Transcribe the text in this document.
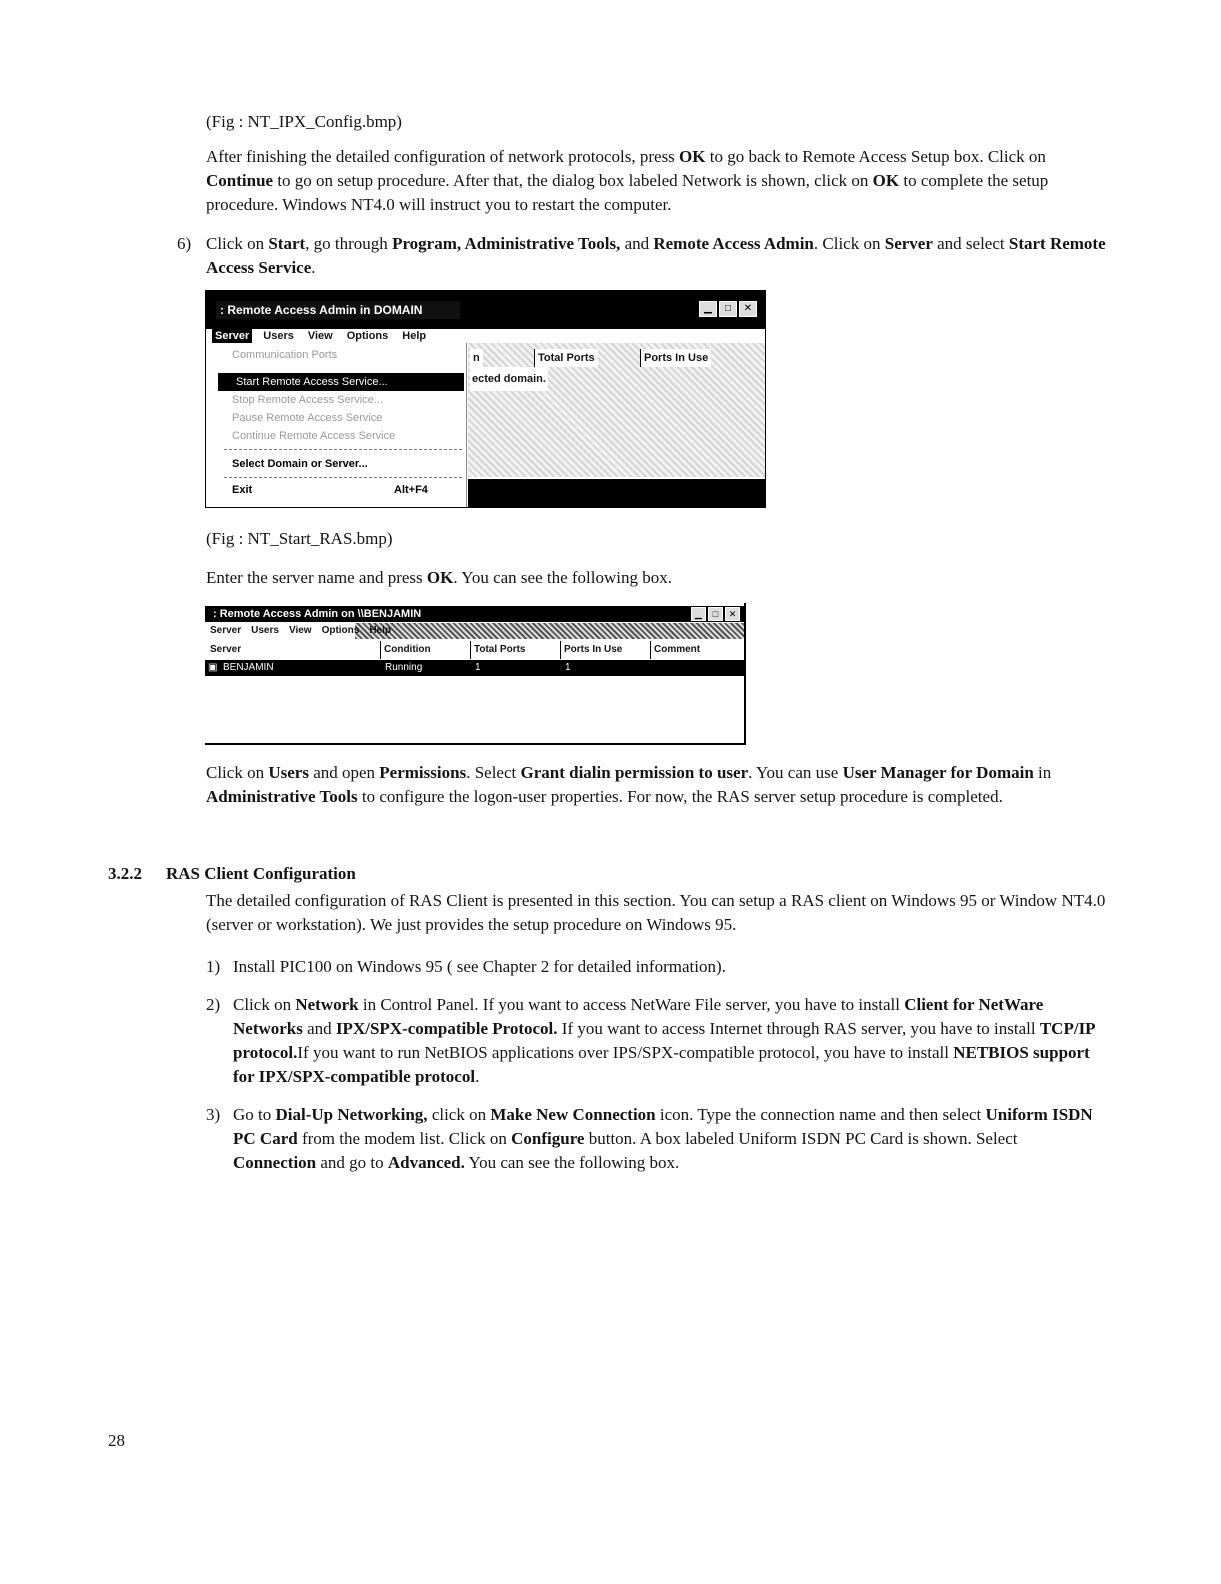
(Fig : NT_IPX_Config.bmp)
After finishing the detailed configuration of network protocols, press OK to go back to Remote Access Setup box. Click on Continue to go on setup procedure. After that, the dialog box labeled Network is shown, click on OK to complete the setup procedure. Windows NT4.0 will instruct you to restart the computer.
6) Click on Start, go through Program, Administrative Tools, and Remote Access Admin. Click on Server and select Start Remote Access Service.
: Remote Access Admin in DOMAIN	▁	□	✕
Server Users View Options Help
n	Total Ports	Ports In Use
ected domain.
Communication Ports
Start Remote Access Service...
Stop Remote Access Service...
Pause Remote Access Service
Continue Remote Access Service
Select Domain or Server...
Exit	Alt+F4
(Fig : NT_Start_RAS.bmp)
Enter the server name and press OK. You can see the following box.
: Remote Access Admin on \\BENJAMIN	▁	□	✕
Server Users View Options Help
Server	Condition	Total Ports	Ports In Use	Comment
▣ BENJAMIN	Running	1	1
Click on Users and open Permissions. Select Grant dialin permission to user. You can use User Manager for Domain in Administrative Tools to configure the logon-user properties. For now, the RAS server setup procedure is completed.
3.2.2 RAS Client Configuration
The detailed configuration of RAS Client is presented in this section. You can setup a RAS client on Windows 95 or Window NT4.0 (server or workstation). We just provides the setup procedure on Windows 95.
1) Install PIC100 on Windows 95 ( see Chapter 2 for detailed information).
2) Click on Network in Control Panel. If you want to access NetWare File server, you have to install Client for NetWare Networks and IPX/SPX-compatible Protocol. If you want to access Internet through RAS server, you have to install TCP/IP protocol.If you want to run NetBIOS applications over IPS/SPX-compatible protocol, you have to install NETBIOS support for IPX/SPX-compatible protocol.
3) Go to Dial-Up Networking, click on Make New Connection icon. Type the connection name and then select Uniform ISDN PC Card from the modem list. Click on Configure button. A box labeled Uniform ISDN PC Card is shown. Select Connection and go to Advanced. You can see the following box.
28
